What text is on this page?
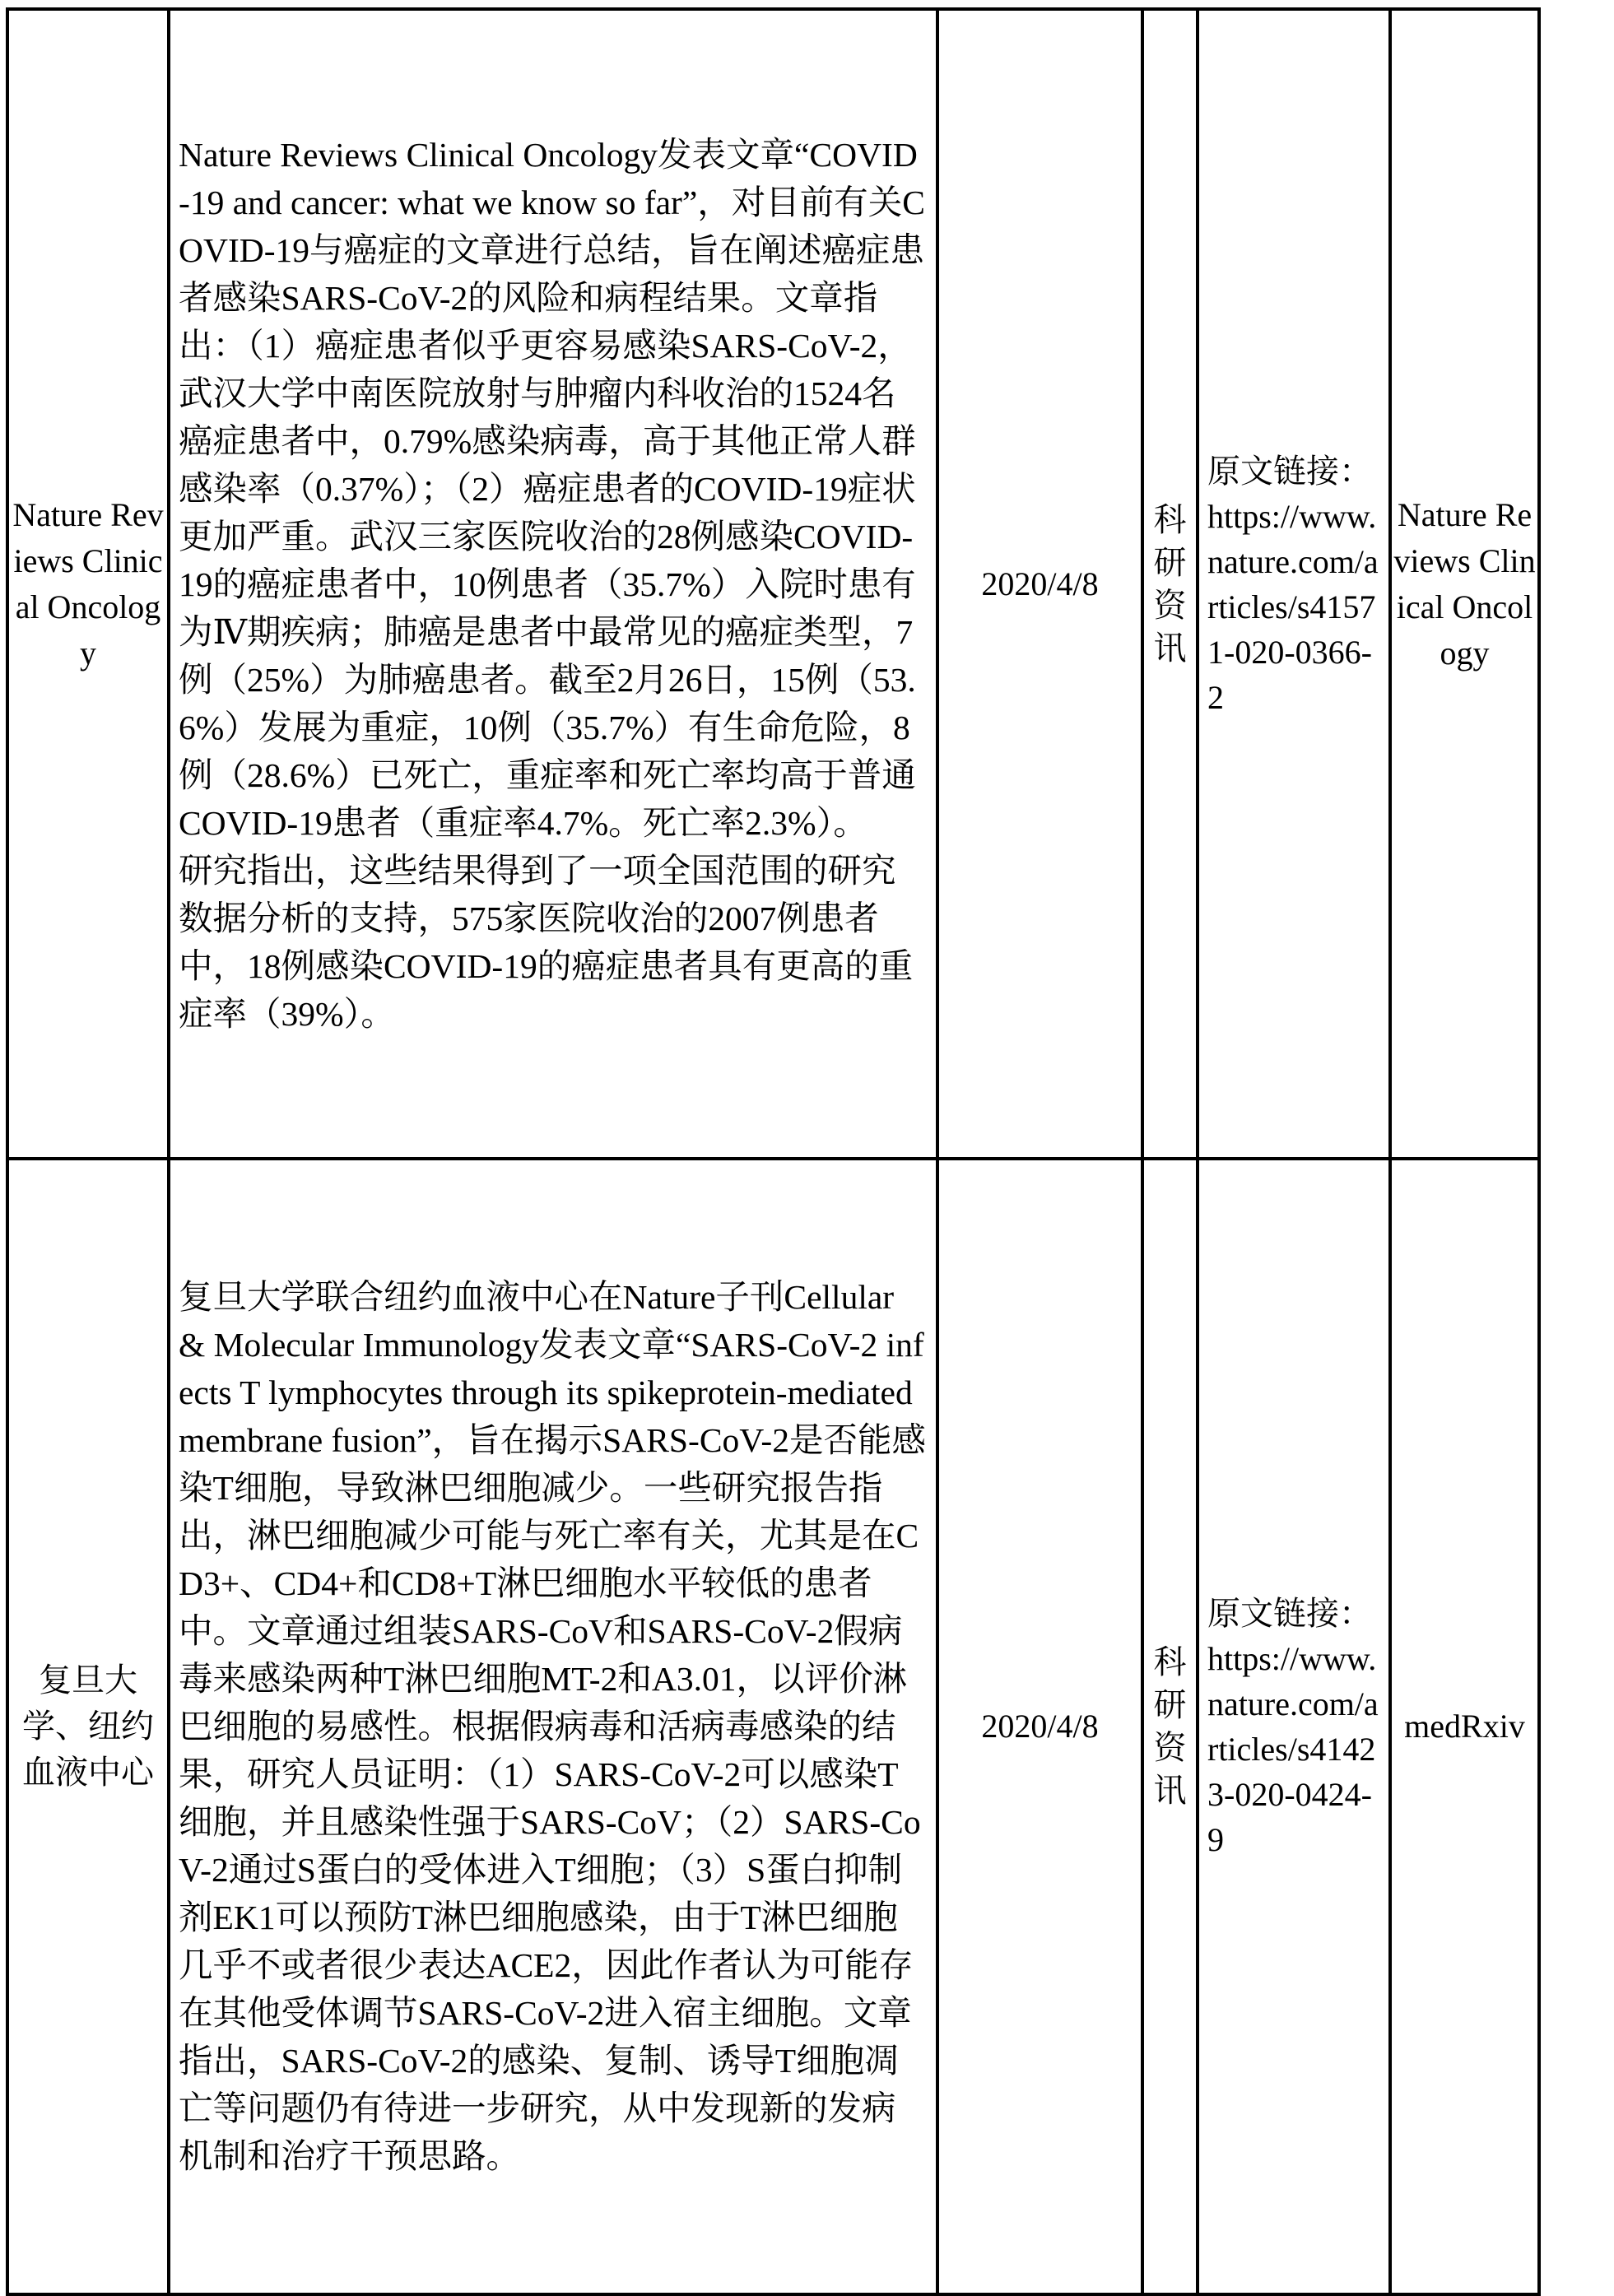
Nature Reviews Clinical Oncology	Nature Reviews Clinical Oncology发表文章“COVID-19 and cancer: what we know so far”，对目前有关COVID-19与癌症的文章进行总结，旨在阐述癌症患者感染SARS-CoV-2的风险和病程结果。文章指出：（1）癌症患者似乎更容易感染SARS-CoV-2，武汉大学中南医院放射与肿瘤内科收治的1524名癌症患者中，0.79%感染病毒，高于其他正常人群感染率（0.37%）；（2）癌症患者的COVID-19症状更加严重。武汉三家医院收治的28例感染COVID-19的癌症患者中，10例患者（35.7%）入院时患有为Ⅳ期疾病；肺癌是患者中最常见的癌症类型，7例（25%）为肺癌患者。截至2月26日，15例（53.6%）发展为重症，10例（35.7%）有生命危险，8例（28.6%）已死亡，重症率和死亡率均高于普通COVID-19患者（重症率4.7%。死亡率2.3%）。
研究指出，这些结果得到了一项全国范围的研究数据分析的支持，575家医院收治的2007例患者中，18例感染COVID-19的癌症患者具有更高的重症率（39%）。	2020/4/8	科研资讯	原文链接：https://www.nature.com/articles/s41571-020-0366-2	Nature Reviews Clinical Oncology
复旦大学、纽约血液中心	复旦大学联合纽约血液中心在Nature子刊Cellular & Molecular Immunology发表文章“SARS-CoV-2 infects T lymphocytes through its spikeprotein-mediated membrane fusion”，旨在揭示SARS-CoV-2是否能感染T细胞，导致淋巴细胞减少。一些研究报告指出，淋巴细胞减少可能与死亡率有关，尤其是在CD3+、CD4+和CD8+T淋巴细胞水平较低的患者中。文章通过组装SARS-CoV和SARS-CoV-2假病毒来感染两种T淋巴细胞MT-2和A3.01，以评价淋巴细胞的易感性。根据假病毒和活病毒感染的结果，研究人员证明：（1）SARS-CoV-2可以感染T细胞，并且感染性强于SARS-CoV；（2）SARS-CoV-2通过S蛋白的受体进入T细胞；（3）S蛋白抑制剂EK1可以预防T淋巴细胞感染，由于T淋巴细胞几乎不或者很少表达ACE2，因此作者认为可能存在其他受体调节SARS-CoV-2进入宿主细胞。文章指出，SARS-CoV-2的感染、复制、诱导T细胞凋亡等问题仍有待进一步研究，从中发现新的发病机制和治疗干预思路。	2020/4/8	科研资讯	原文链接：https://www.nature.com/articles/s41423-020-0424-9	medRxiv
